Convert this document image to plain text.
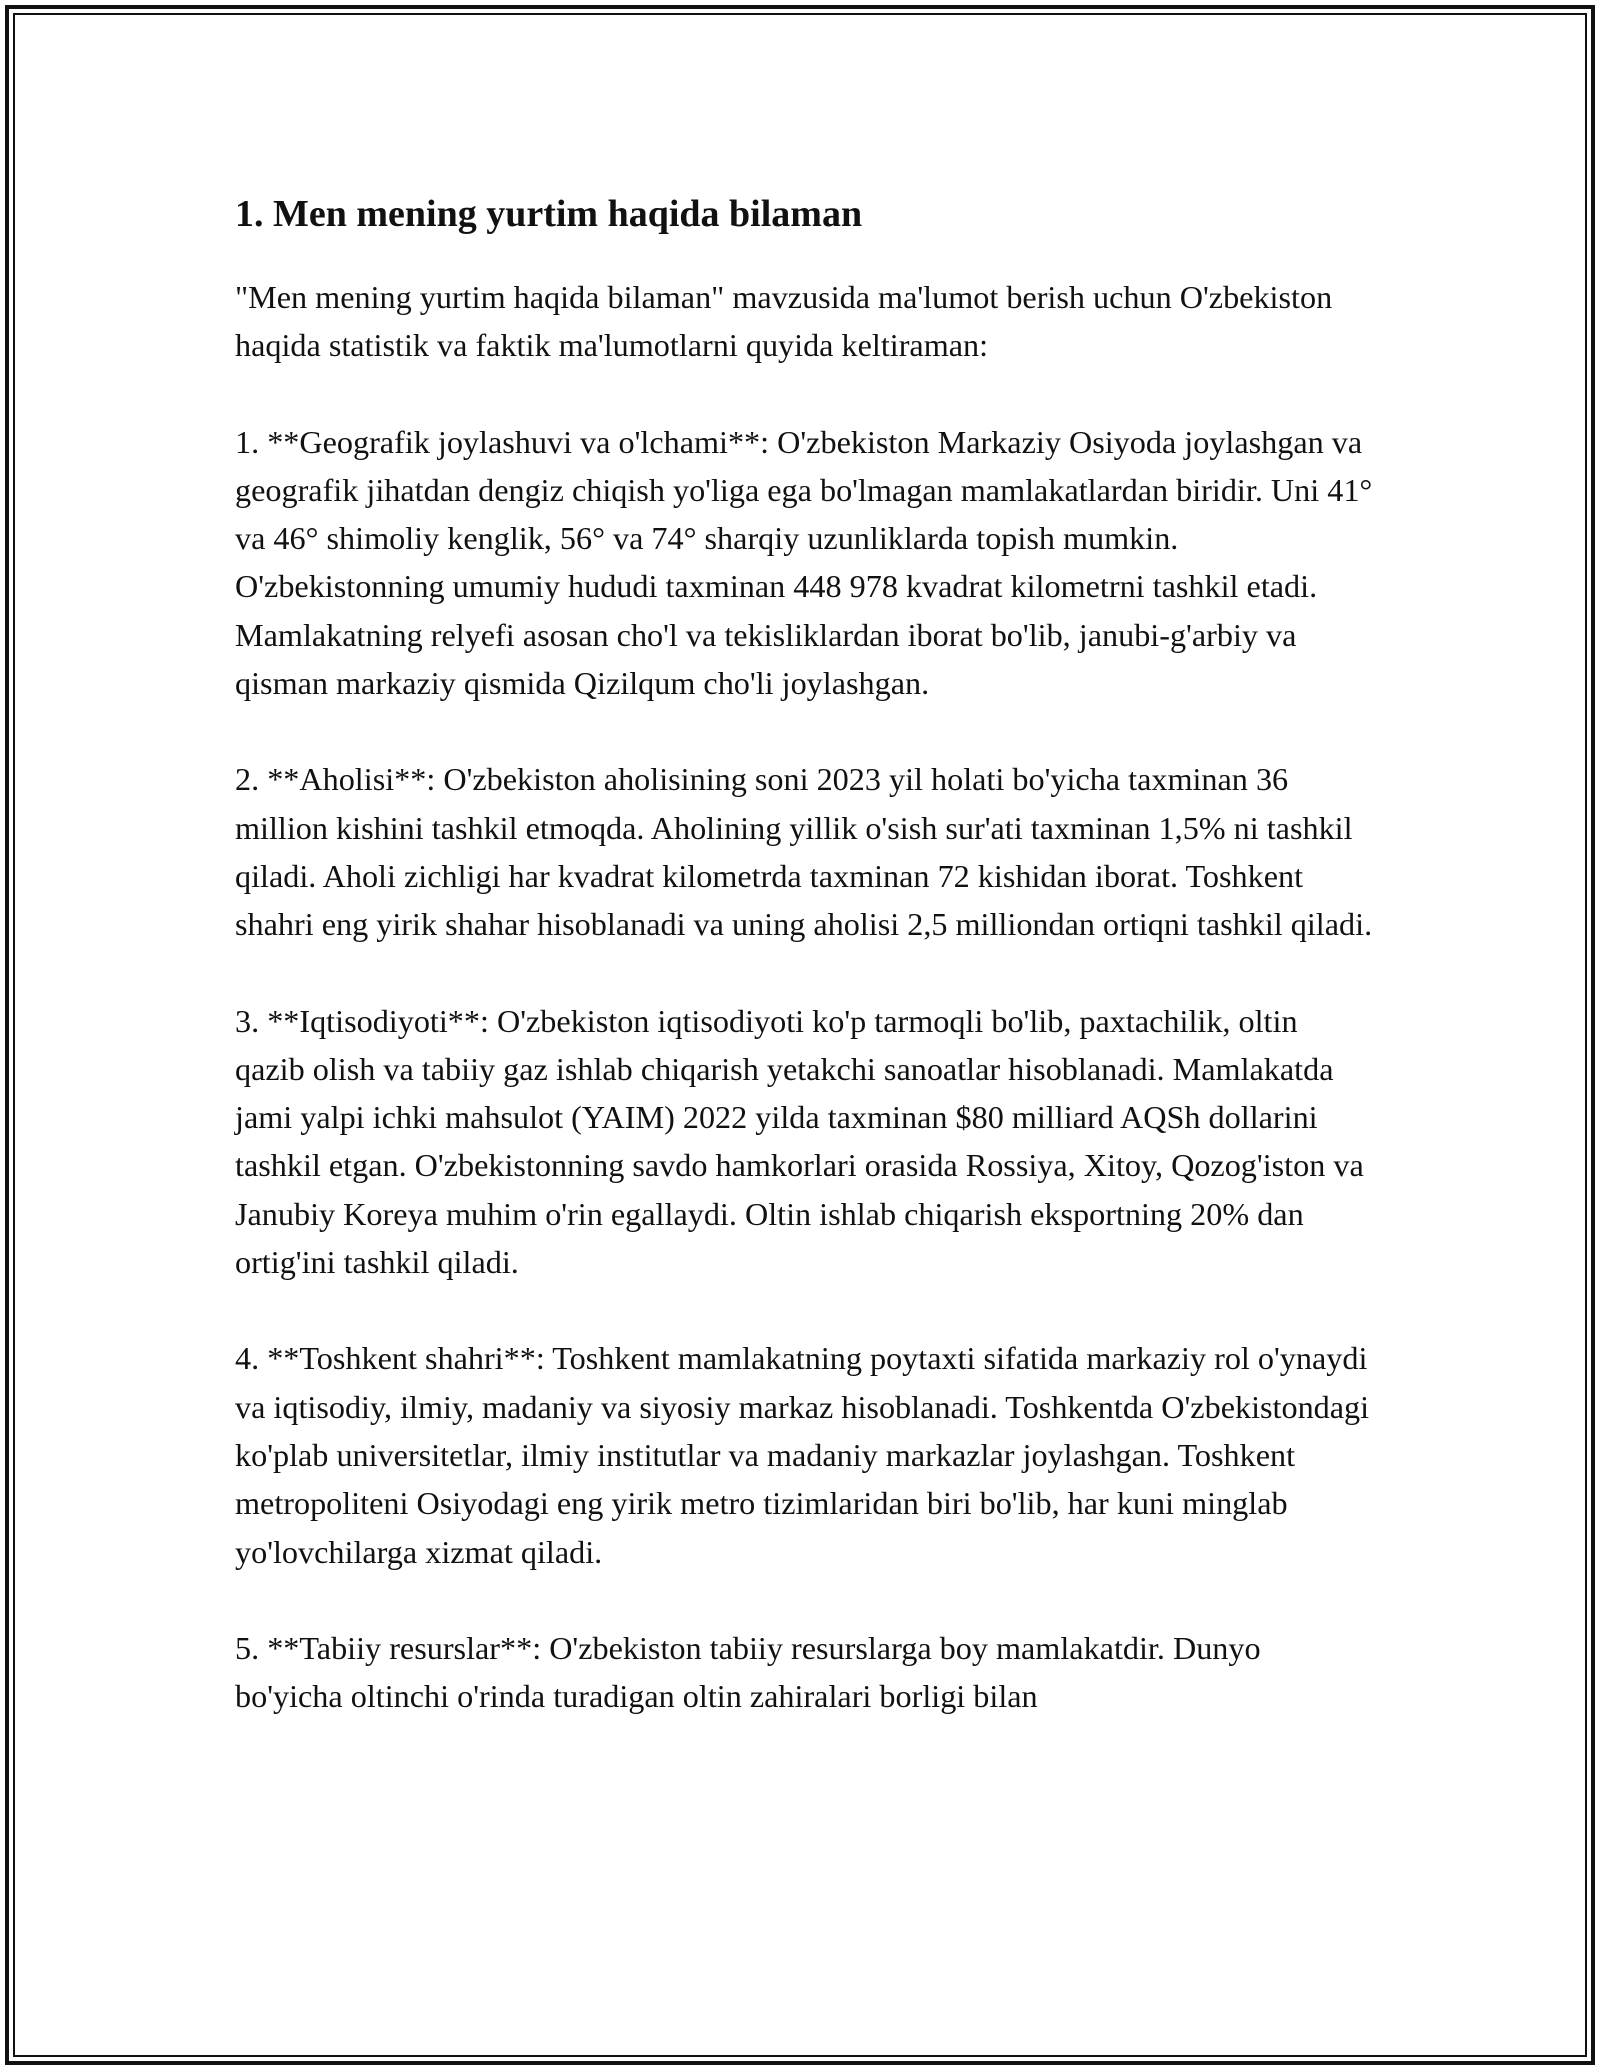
1. Men mening yurtim haqida bilaman

"Men mening yurtim haqida bilaman" mavzusida ma'lumot berish uchun O'zbekiston haqida statistik va faktik ma'lumotlarni quyida keltiraman:

1. **Geografik joylashuvi va o'lchami**: O'zbekiston Markaziy Osiyoda joylashgan va geografik jihatdan dengiz chiqish yo'liga ega bo'lmagan mamlakatlardan biridir. Uni 41° va 46° shimoliy kenglik, 56° va 74° sharqiy uzunliklarda topish mumkin. O'zbekistonning umumiy hududi taxminan 448 978 kvadrat kilometrni tashkil etadi. Mamlakatning relyefi asosan cho'l va tekisliklardan iborat bo'lib, janubi-g'arbiy va qisman markaziy qismida Qizilqum cho'li joylashgan.

2. **Aholisi**: O'zbekiston aholisining soni 2023 yil holati bo'yicha taxminan 36 million kishini tashkil etmoqda. Aholining yillik o'sish sur'ati taxminan 1,5% ni tashkil qiladi. Aholi zichligi har kvadrat kilometrda taxminan 72 kishidan iborat. Toshkent shahri eng yirik shahar hisoblanadi va uning aholisi 2,5 milliondan ortiqni tashkil qiladi.

3. **Iqtisodiyoti**: O'zbekiston iqtisodiyoti ko'p tarmoqli bo'lib, paxtachilik, oltin qazib olish va tabiiy gaz ishlab chiqarish yetakchi sanoatlar hisoblanadi. Mamlakatda jami yalpi ichki mahsulot (YAIM) 2022 yilda taxminan $80 milliard AQSh dollarini tashkil etgan. O'zbekistonning savdo hamkorlari orasida Rossiya, Xitoy, Qozog'iston va Janubiy Koreya muhim o'rin egallaydi. Oltin ishlab chiqarish eksportning 20% dan ortig'ini tashkil qiladi.

4. **Toshkent shahri**: Toshkent mamlakatning poytaxti sifatida markaziy rol o'ynaydi va iqtisodiy, ilmiy, madaniy va siyosiy markaz hisoblanadi. Toshkentda O'zbekistondagi ko'plab universitetlar, ilmiy institutlar va madaniy markazlar joylashgan. Toshkent metropoliteni Osiyodagi eng yirik metro tizimlaridan biri bo'lib, har kuni minglab yo'lovchilarga xizmat qiladi.

5. **Tabiiy resurslar**: O'zbekiston tabiiy resurslarga boy mamlakatdir. Dunyo bo'yicha oltinchi o'rinda turadigan oltin zahiralari borligi bilan
